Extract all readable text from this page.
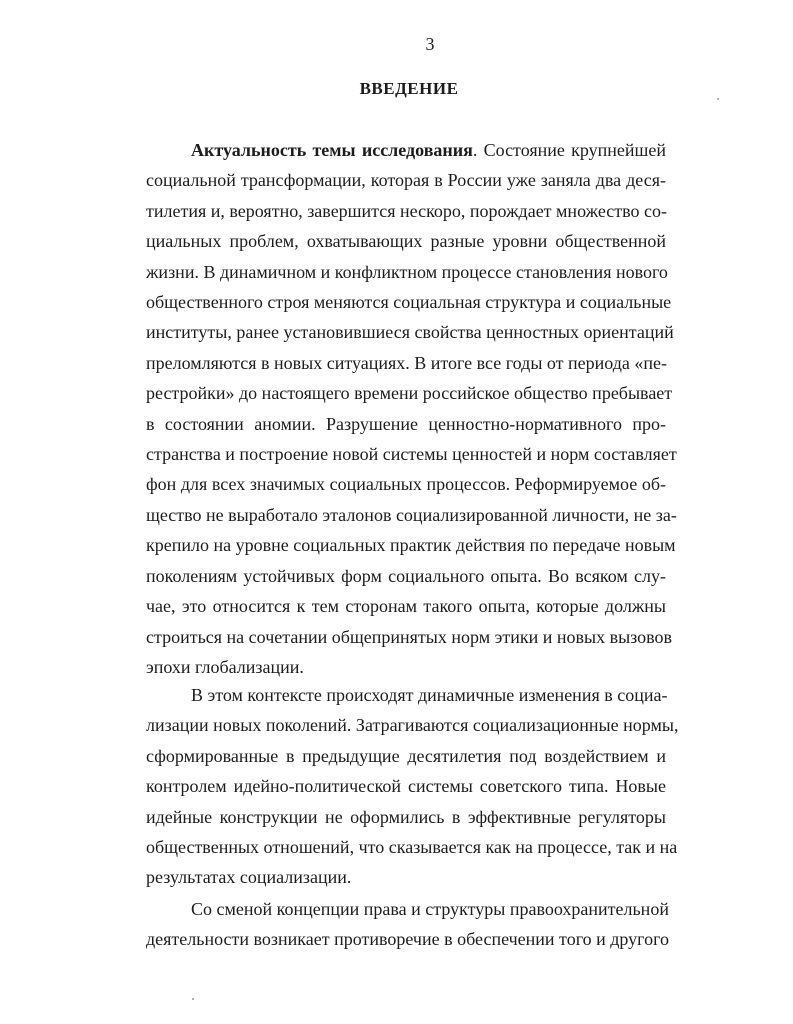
3
ВВЕДЕНИЕ
Актуальность темы исследования. Состояние крупнейшей
социальной трансформации, которая в России уже заняла два деся-
тилетия и, вероятно, завершится нескоро, порождает множество со-
циальных проблем, охватывающих разные уровни общественной
жизни. В динамичном и конфликтном процессе становления нового
общественного строя меняются социальная структура и социальные
институты, ранее установившиеся свойства ценностных ориентаций
преломляются в новых ситуациях. В итоге все годы от периода «пе-
рестройки» до настоящего времени российское общество пребывает
в состоянии аномии. Разрушение ценностно-нормативного про-
странства и построение новой системы ценностей и норм составляет
фон для всех значимых социальных процессов. Реформируемое об-
щество не выработало эталонов социализированной личности, не за-
крепило на уровне социальных практик действия по передаче новым
поколениям устойчивых форм социального опыта. Во всяком слу-
чае, это относится к тем сторонам такого опыта, которые должны
строиться на сочетании общепринятых норм этики и новых вызовов
эпохи глобализации.
В этом контексте происходят динамичные изменения в социа-
лизации новых поколений. Затрагиваются социализационные нормы,
сформированные в предыдущие десятилетия под воздействием и
контролем идейно-политической системы советского типа. Новые
идейные конструкции не оформились в эффективные регуляторы
общественных отношений, что сказывается как на процессе, так и на
результатах социализации.
Со сменой концепции права и структуры правоохранительной
деятельности возникает противоречие в обеспечении того и другого
